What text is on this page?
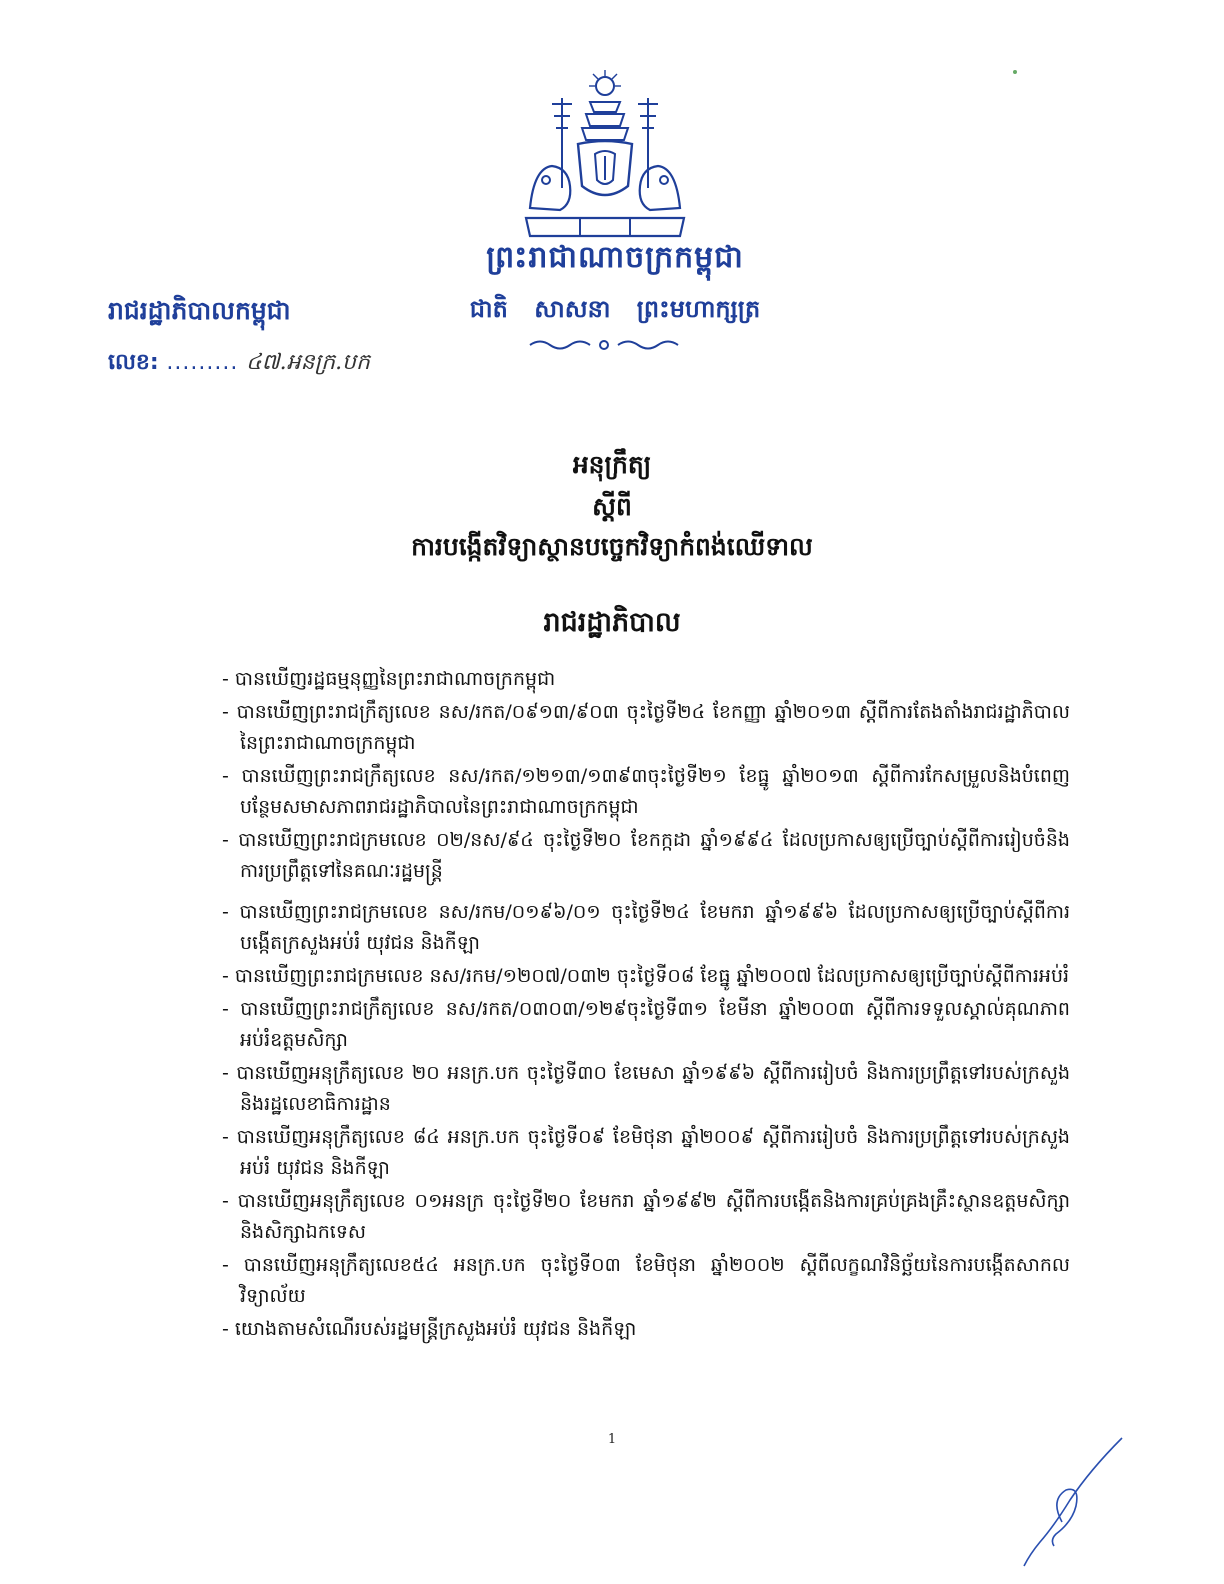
ព្រះរាជាណាចក្រកម្ពុជា
ជាតិ សាសនា ព្រះមហាក្សត្រ
រាជរដ្ឋាភិបាលកម្ពុជា
លេខ: ......... ៤៧.អនក្រ.បក
អនុក្រឹត្យ
ស្តីពី
ការបង្កើតវិទ្យាស្ថានបច្ចេកវិទ្យាកំពង់ឈើទាល
រាជរដ្ឋាភិបាល
- បានឃើញរដ្ឋធម្មនុញ្ញនៃព្រះរាជាណាចក្រកម្ពុជា
- បានឃើញព្រះរាជក្រឹត្យលេខ នស/រកត/០៩១៣/៩០៣ ចុះថ្ងៃទី២៤ ខែកញ្ញា ឆ្នាំ២០១៣ ស្តីពីការតែងតាំងរាជរដ្ឋាភិបាលនៃព្រះរាជាណាចក្រកម្ពុជា
- បានឃើញព្រះរាជក្រឹត្យលេខ នស/រកត/១២១៣/១៣៩៣ចុះថ្ងៃទី២១ ខែធ្នូ ឆ្នាំ២០១៣ ស្តីពីការកែសម្រួលនិងបំពេញបន្ថែមសមាសភាពរាជរដ្ឋាភិបាលនៃព្រះរាជាណាចក្រកម្ពុជា
- បានឃើញព្រះរាជក្រមលេខ ០២/នស/៩៤ ចុះថ្ងៃទី២០ ខែកក្កដា ឆ្នាំ១៩៩៤ ដែលប្រកាសឲ្យប្រើច្បាប់ស្តីពីការរៀបចំនិងការប្រព្រឹត្តទៅនៃគណៈរដ្ឋមន្ត្រី
- បានឃើញព្រះរាជក្រមលេខ នស/រកម/០១៩៦/០១ ចុះថ្ងៃទី២៤ ខែមករា ឆ្នាំ១៩៩៦ ដែលប្រកាសឲ្យប្រើច្បាប់ស្តីពីការបង្កើតក្រសួងអប់រំ យុវជន និងកីឡា
- បានឃើញព្រះរាជក្រមលេខ នស/រកម/១២០៧/០៣២ ចុះថ្ងៃទី០៨ ខែធ្នូ ឆ្នាំ២០០៧ ដែលប្រកាសឲ្យប្រើច្បាប់ស្តីពីការអប់រំ
- បានឃើញព្រះរាជក្រឹត្យលេខ នស/រកត/០៣០៣/១២៩ចុះថ្ងៃទី៣១ ខែមីនា ឆ្នាំ២០០៣ ស្តីពីការទទួលស្គាល់គុណភាពអប់រំឧត្តមសិក្សា
- បានឃើញអនុក្រឹត្យលេខ ២០ អនក្រ.បក ចុះថ្ងៃទី៣០ ខែមេសា ឆ្នាំ១៩៩៦ ស្តីពីការរៀបចំ និងការប្រព្រឹត្តទៅរបស់ក្រសួងនិងរដ្ឋលេខាធិការដ្ឋាន
- បានឃើញអនុក្រឹត្យលេខ ៨៤ អនក្រ.បក ចុះថ្ងៃទី០៩ ខែមិថុនា ឆ្នាំ២០០៩ ស្តីពីការរៀបចំ និងការប្រព្រឹត្តទៅរបស់ក្រសួងអប់រំ យុវជន និងកីឡា
- បានឃើញអនុក្រឹត្យលេខ ០១អនក្រ ចុះថ្ងៃទី២០ ខែមករា ឆ្នាំ១៩៩២ ស្តីពីការបង្កើតនិងការគ្រប់គ្រងគ្រឹះស្ថានឧត្តមសិក្សានិងសិក្សាឯកទេស
- បានឃើញអនុក្រឹត្យលេខ៥៤ អនក្រ.បក ចុះថ្ងៃទី០៣ ខែមិថុនា ឆ្នាំ២០០២ ស្តីពីលក្ខណវិនិច្ឆ័យនៃការបង្កើតសាកលវិទ្យាល័យ
- យោងតាមសំណើរបស់រដ្ឋមន្ត្រីក្រសួងអប់រំ យុវជន និងកីឡា
1
